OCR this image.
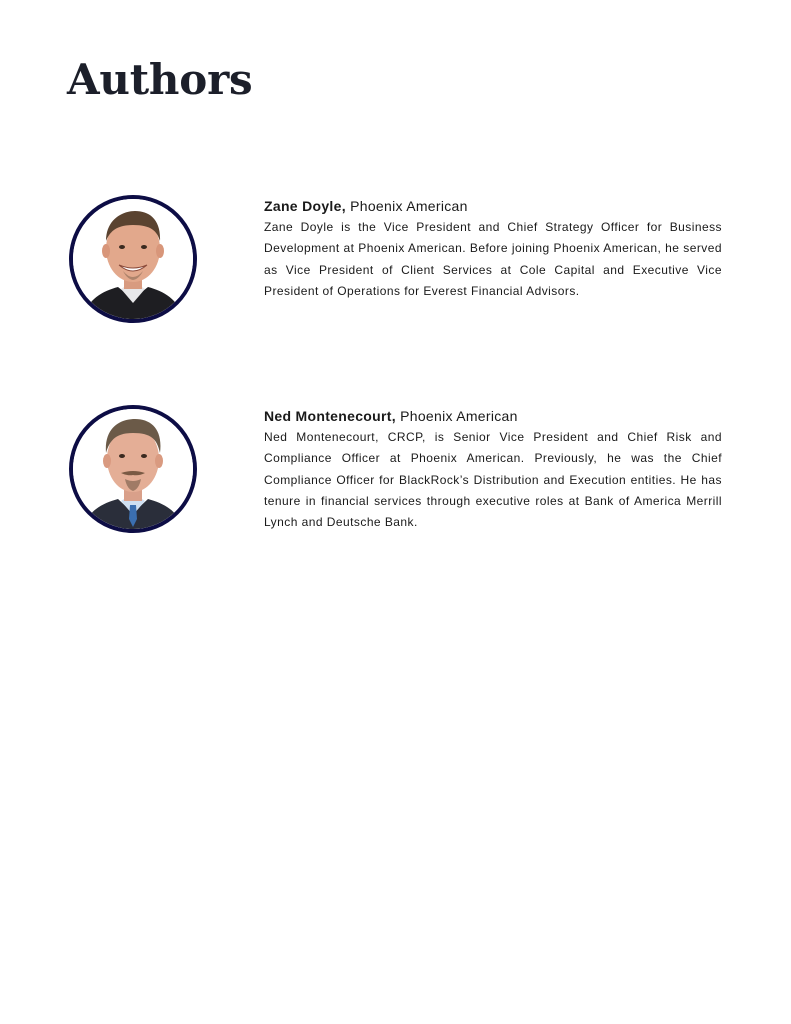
Authors

Zane Doyle, Phoenix American

Zane Doyle is the Vice President and Chief Strategy Officer for Business Development at Phoenix American. Before joining Phoenix American, he served as Vice President of Client Services at Cole Capital and Executive Vice President of Operations for Everest Financial Advisors.

Ned Montenecourt, Phoenix American

Ned Montenecourt, CRCP, is Senior Vice President and Chief Risk and Compliance Officer at Phoenix American. Previously, he was the Chief Compliance Officer for BlackRock’s Distribution and Execution entities. He has tenure in financial services through executive roles at Bank of America Merrill Lynch and Deutsche Bank.
